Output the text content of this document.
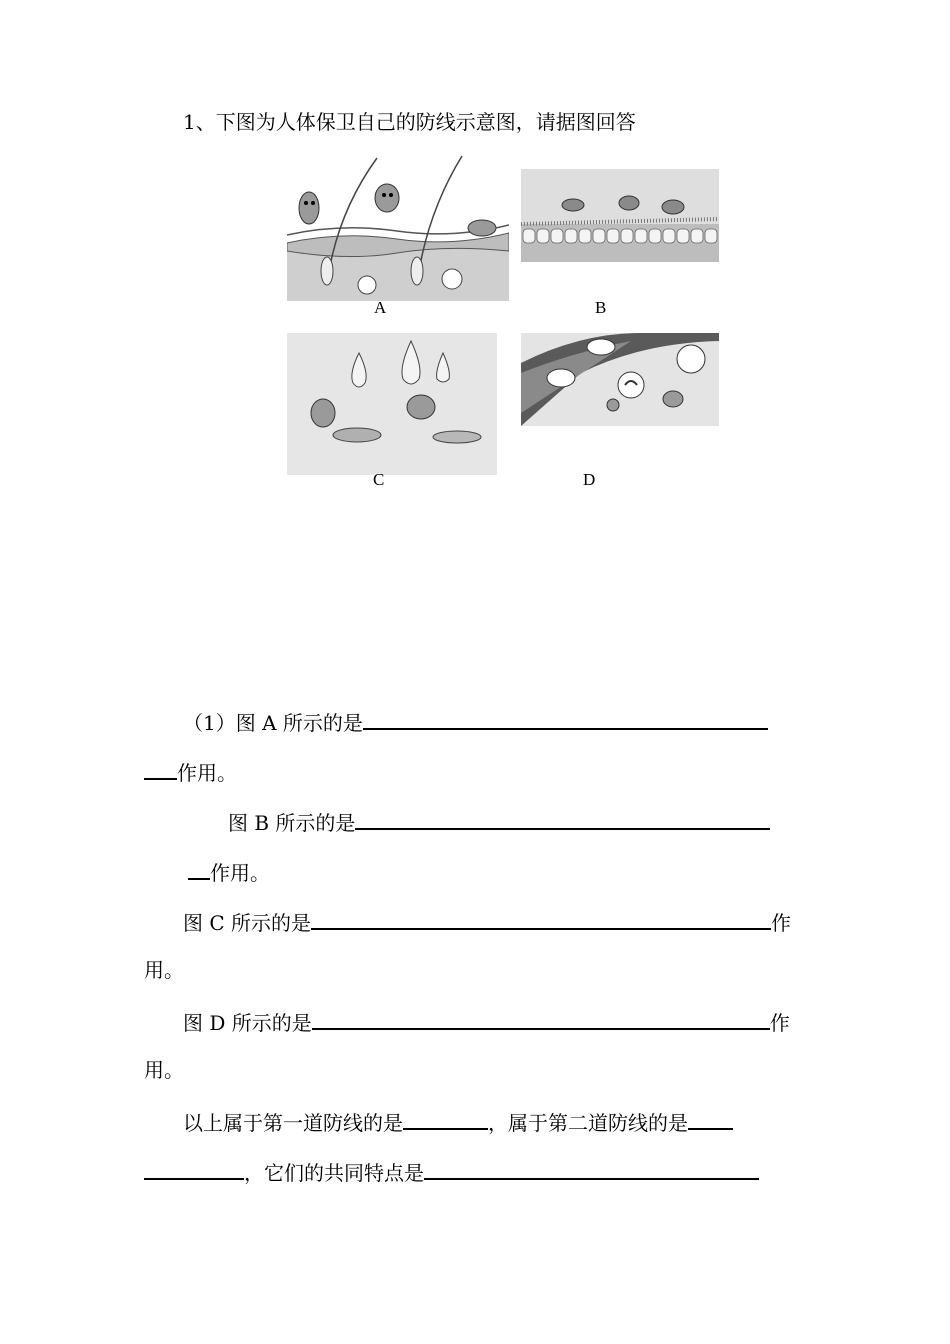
1、下图为人体保卫自己的防线示意图，请据图回答
A	B
C	D
（1）图 A 所示的是
作用。
图 B 所示的是
作用。
图 C 所示的是	作
用。
图 D 所示的是	作
用。
以上属于第一道防线的是	，属于第二道防线的是
，它们的共同特点是
